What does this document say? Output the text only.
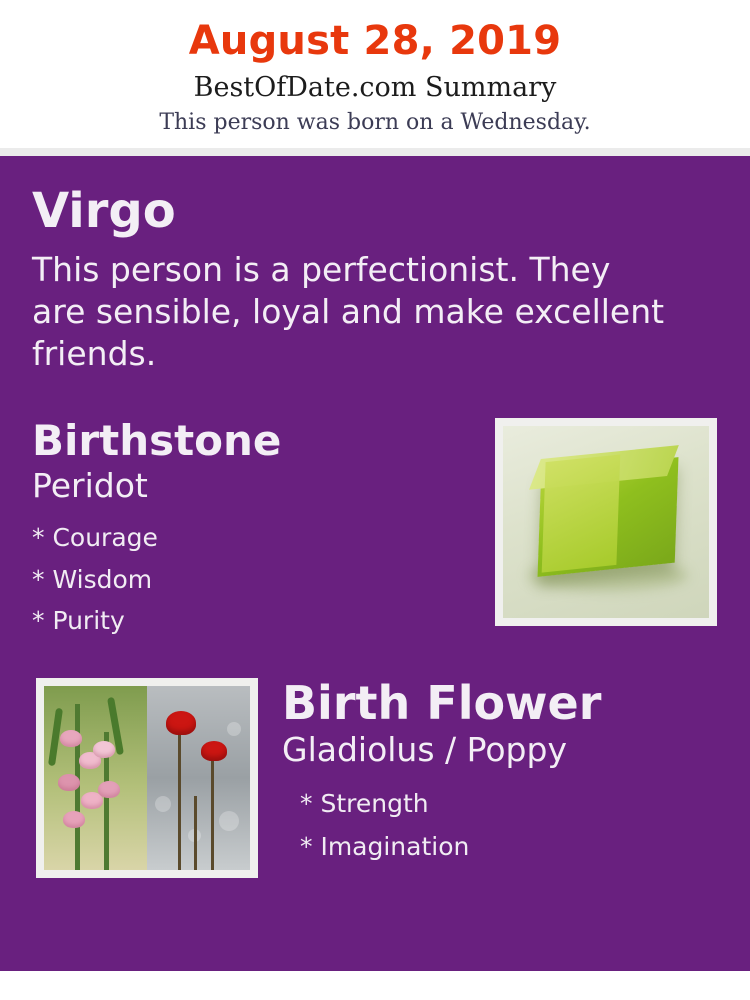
August 28, 2019
BestOfDate.com Summary
This person was born on a Wednesday.
Virgo
This person is a perfectionist. They are sensible, loyal and make excellent friends.
Birthstone
Peridot
* Courage
* Wisdom
* Purity
Birth Flower
Gladiolus / Poppy
* Strength
* Imagination
